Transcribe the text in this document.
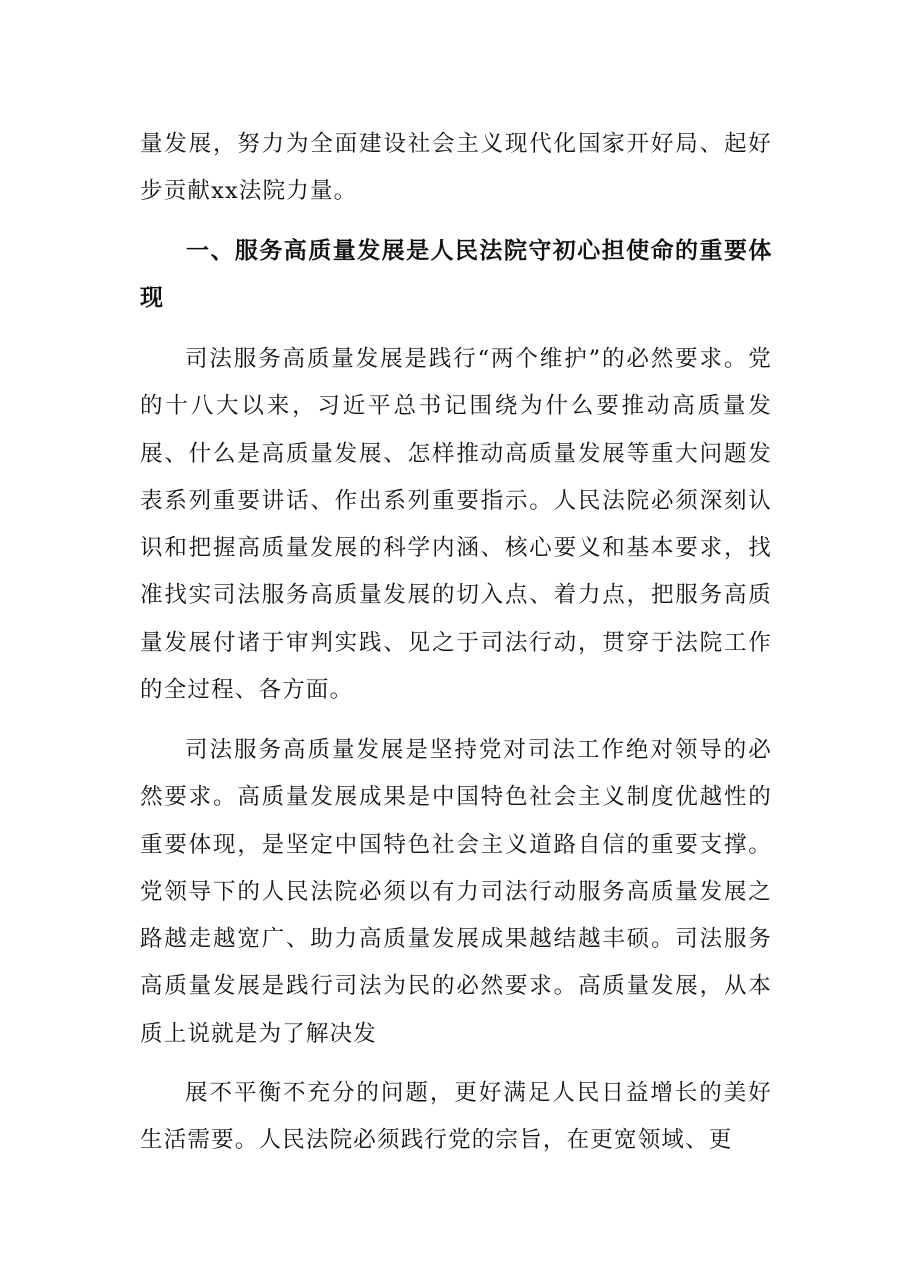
量发展，努力为全面建设社会主义现代化国家开好局、起好步贡献xx法院力量。

一、服务高质量发展是人民法院守初心担使命的重要体现

司法服务高质量发展是践行“两个维护”的必然要求。党的十八大以来，习近平总书记围绕为什么要推动高质量发展、什么是高质量发展、怎样推动高质量发展等重大问题发表系列重要讲话、作出系列重要指示。人民法院必须深刻认识和把握高质量发展的科学内涵、核心要义和基本要求，找准找实司法服务高质量发展的切入点、着力点，把服务高质量发展付诸于审判实践、见之于司法行动，贯穿于法院工作的全过程、各方面。

司法服务高质量发展是坚持党对司法工作绝对领导的必然要求。高质量发展成果是中国特色社会主义制度优越性的重要体现，是坚定中国特色社会主义道路自信的重要支撑。党领导下的人民法院必须以有力司法行动服务高质量发展之路越走越宽广、助力高质量发展成果越结越丰硕。司法服务高质量发展是践行司法为民的必然要求。高质量发展，从本质上说就是为了解决发

展不平衡不充分的问题，更好满足人民日益增长的美好生活需要。人民法院必须践行党的宗旨，在更宽领域、更
